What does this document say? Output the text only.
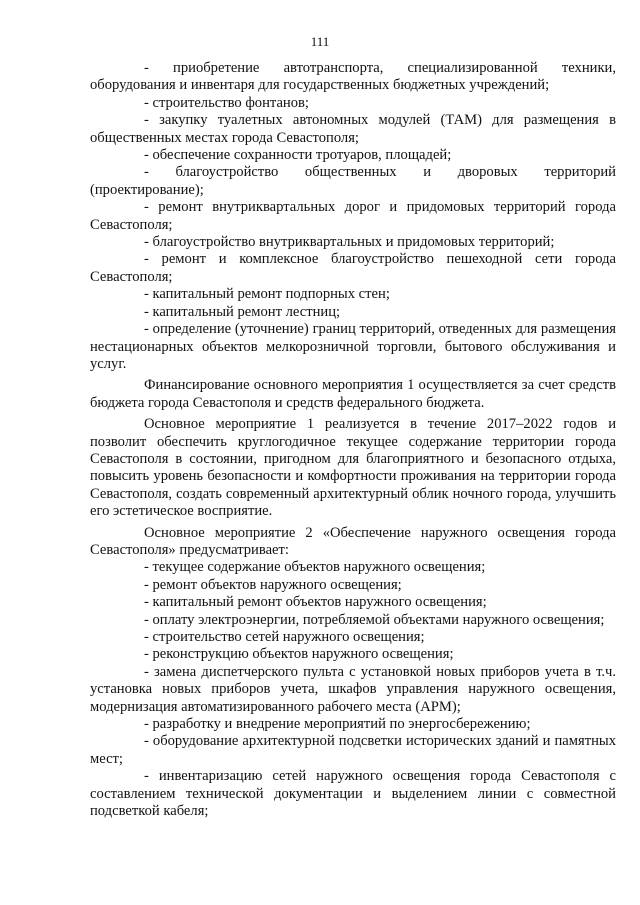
111

- приобретение автотранспорта, специализированной техники, оборудования и инвентаря для государственных бюджетных учреждений;

- строительство фонтанов;

- закупку туалетных автономных модулей (ТАМ) для размещения в общественных местах города Севастополя;

- обеспечение сохранности тротуаров, площадей;

- благоустройство общественных и дворовых территорий (проектирование);

- ремонт внутриквартальных дорог и придомовых территорий города Севастополя;

- благоустройство внутриквартальных и придомовых территорий;

- ремонт и комплексное благоустройство пешеходной сети города Севастополя;

- капитальный ремонт подпорных стен;

- капитальный ремонт лестниц;

- определение (уточнение) границ территорий, отведенных для размещения нестационарных объектов мелкорозничной торговли, бытового обслуживания и услуг.

Финансирование основного мероприятия 1 осуществляется за счет средств бюджета города Севастополя и средств федерального бюджета.

Основное мероприятие 1 реализуется в течение 2017–2022 годов и позволит обеспечить круглогодичное текущее содержание территории города Севастополя в состоянии, пригодном для благоприятного и безопасного отдыха, повысить уровень безопасности и комфортности проживания на территории города Севастополя, создать современный архитектурный облик ночного города, улучшить его эстетическое восприятие.

Основное мероприятие 2 «Обеспечение наружного освещения города Севастополя» предусматривает:

- текущее содержание объектов наружного освещения;

- ремонт объектов наружного освещения;

- капитальный ремонт объектов наружного освещения;

- оплату электроэнергии, потребляемой объектами наружного освещения;

- строительство сетей наружного освещения;

- реконструкцию объектов наружного освещения;

- замена диспетчерского пульта с установкой новых приборов учета в т.ч. установка новых приборов учета, шкафов управления наружного освещения, модернизация автоматизированного рабочего места (АРМ);

- разработку и внедрение мероприятий по энергосбережению;

- оборудование архитектурной подсветки исторических зданий и памятных мест;

- инвентаризацию сетей наружного освещения города Севастополя с составлением технической документации и выделением линии с совместной подсветкой кабеля;
